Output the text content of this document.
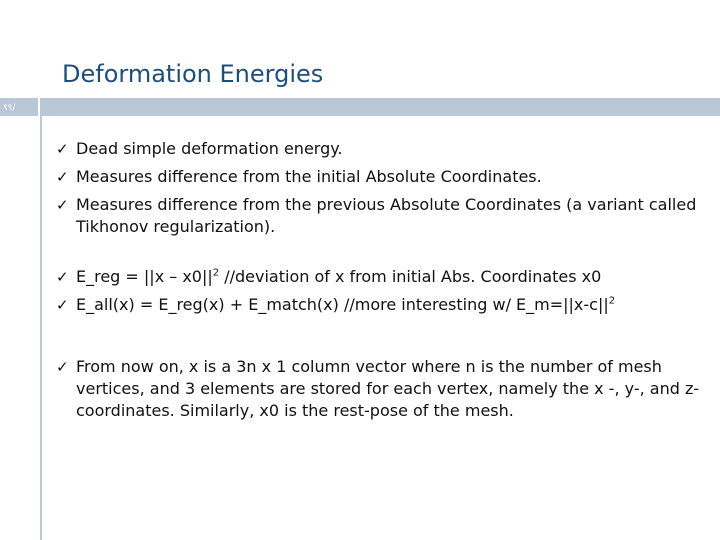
Deformation Energies
९९/
✓ Dead simple deformation energy.
✓ Measures difference from the initial Absolute Coordinates.
✓ Measures difference from the previous Absolute Coordinates (a variant called Tikhonov regularization).
✓ E_reg = $||x - x0||^2$ //deviation of x from initial Abs. Coordinates x0
✓ E_all(x) = E_reg(x) + E_match(x) //more interesting w/ $E\_m=||x-c||^2$
✓ From now on, x is a 3n x 1 column vector where n is the number of mesh vertices, and 3 elements are stored for each vertex, namely the x -, y-, and z-coordinates. Similarly, x0 is the rest-pose of the mesh.
